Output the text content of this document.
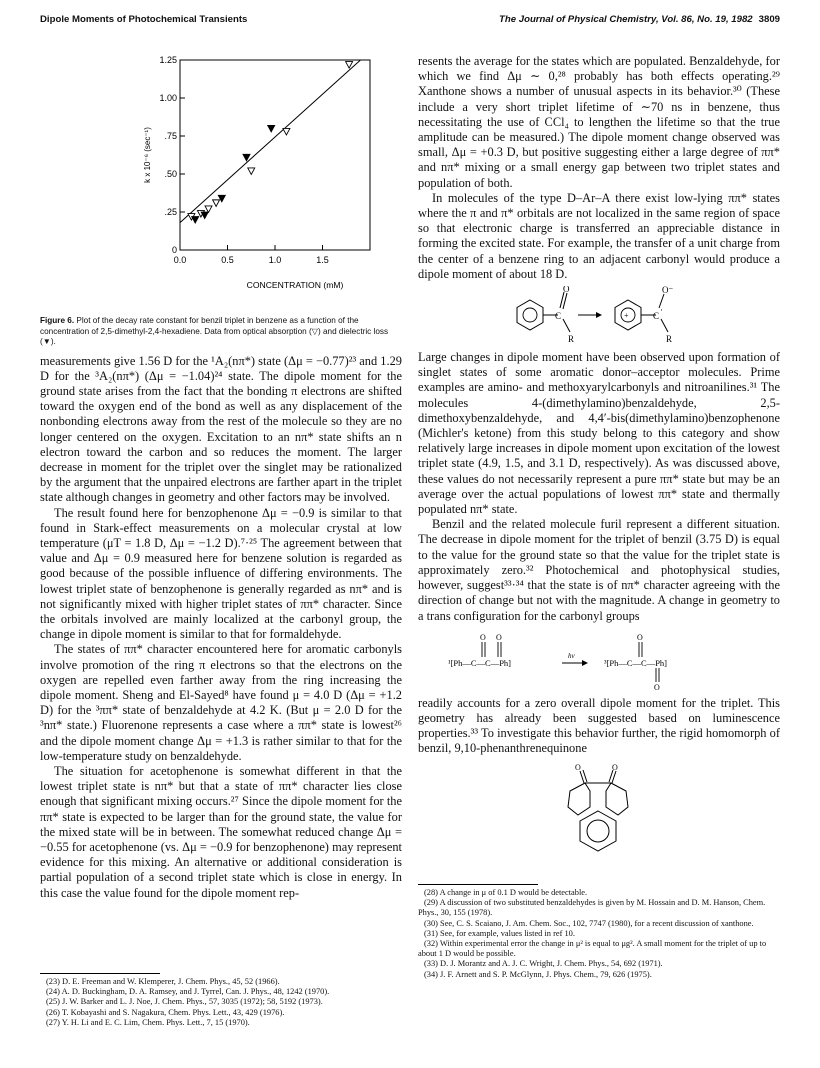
Dipole Moments of Photochemical Transients	The Journal of Physical Chemistry, Vol. 86, No. 19, 1982 3809
0.0	0.5	1.0	1.5
0
.25
.50
.75
1.00
1.25
CONCENTRATION (mM)
k x 10⁻⁶ (sec⁻¹)
Figure 6. Plot of the decay rate constant for benzil triplet in benzene as a function of the concentration of 2,5-dimethyl-2,4-hexadiene. Data from optical absorption (▽) and dielectric loss (▼).

measurements give 1.56 D for the ¹A₂(nπ*) state (Δμ = −0.77)²³ and 1.29 D for the ³A₂(nπ*) (Δμ = −1.04)²⁴ state. The dipole moment for the ground state arises from the fact that the bonding π electrons are shifted toward the oxygen end of the bond as well as any displacement of the nonbonding electrons away from the rest of the molecule so they are no longer centered on the oxygen. Excitation to an nπ* state shifts an n electron toward the carbon and so reduces the moment. The larger decrease in moment for the triplet over the singlet may be rationalized by the argument that the unpaired electrons are farther apart in the triplet state although changes in geometry and other factors may be involved.

The result found here for benzophenone Δμ = −0.9 is similar to that found in Stark-effect measurements on a molecular crystal at low temperature (μT = 1.8 D, Δμ = −1.2 D).⁷·²⁵ The agreement between that value and Δμ = 0.9 measured here for benzene solution is regarded as good because of the possible influence of differing environments. The lowest triplet state of benzophenone is generally regarded as nπ* and is not significantly mixed with higher triplet states of ππ* character. Since the orbitals involved are mainly localized at the carbonyl group, the change in dipole moment is similar to that for formaldehyde.

The states of ππ* character encountered here for aromatic carbonyls involve promotion of the ring π electrons so that the electrons on the oxygen are repelled even farther away from the ring increasing the dipole moment. Sheng and El-Sayed⁸ have found μ = 4.0 D (Δμ = +1.2 D) for the ³ππ* state of benzaldehyde at 4.2 K. (But μ = 2.0 D for the ³nπ* state.) Fluorenone represents a case where a ππ* state is lowest²⁶ and the dipole moment change Δμ = +1.3 is rather similar to that for the low-temperature study on benzaldehyde.

The situation for acetophenone is somewhat different in that the lowest triplet state is nπ* but that a state of ππ* character lies close enough that significant mixing occurs.²⁷ Since the dipole moment for the ππ* state is expected to be larger than for the ground state, the value for the mixed state will be in between. The somewhat reduced change Δμ = −0.55 for acetophenone (vs. Δμ = −0.9 for benzophenone) may represent evidence for this mixing. An alternative or additional consideration is partial population of a second triplet state which is close in energy. In this case the value found for the dipole moment rep-

resents the average for the states which are populated. Benzaldehyde, for which we find Δμ ∼ 0,²⁸ probably has both effects operating.²⁹ Xanthone shows a number of unusual aspects in its behavior.³⁰ (These include a very short triplet lifetime of ∼70 ns in benzene, thus necessitating the use of CCl₄ to lengthen the lifetime so that the true amplitude can be measured.) The dipole moment change observed was small, Δμ = +0.3 D, but positive suggesting either a large degree of ππ* and nπ* mixing or a small energy gap between two triplet states and population of both.

In molecules of the type D–Ar–A there exist low-lying ππ* states where the π and π* orbitals are not localized in the same region of space so that electronic charge is transferred an appreciable distance in forming the excited state. For example, the transfer of a unit charge from the center of a benzene ring to an adjacent carbonyl would produce a dipole moment of about 18 D.

C
O
R
+	C
·
O⁻
R

Large changes in dipole moment have been observed upon formation of singlet states of some aromatic donor–acceptor molecules. Prime examples are amino- and methoxyarylcarbonyls and nitroanilines.³¹ The molecules 4-(dimethylamino)benzaldehyde, 2,5-dimethoxybenzaldehyde, and 4,4′-bis(dimethylamino)benzophenone (Michler's ketone) from this study belong to this category and show relatively large increases in dipole moment upon excitation of the lowest triplet state (4.9, 1.5, and 3.1 D, respectively). As was discussed above, these values do not necessarily represent a pure ππ* state but may be an average over the actual populations of lowest ππ* state and thermally populated nπ* state.

Benzil and the related molecule furil represent a different situation. The decrease in dipole moment for the triplet of benzil (3.75 D) is equal to the value for the ground state so that the value for the triplet state is approximately zero.³² Photochemical and photophysical studies, however, suggest³³·³⁴ that the state is of nπ* character agreeing with the direction of change but not with the magnitude. A change in geometry to a trans configuration for the carbonyl groups

¹[Ph—C—C—Ph]
O O
hν
³[Ph—C—C—Ph]
O
O

readily accounts for a zero overall dipole moment for the triplet. This geometry has already been suggested based on luminescence properties.³³ To investigate this behavior further, the rigid homomorph of benzil, 9,10-phenanthrenequinone

O	O

(23) D. E. Freeman and W. Klemperer, J. Chem. Phys., 45, 52 (1966).

(24) A. D. Buckingham, D. A. Ramsey, and J. Tyrrel, Can. J. Phys., 48, 1242 (1970).

(25) J. W. Barker and L. J. Noe, J. Chem. Phys., 57, 3035 (1972); 58, 5192 (1973).

(26) T. Kobayashi and S. Nagakura, Chem. Phys. Lett., 43, 429 (1976).

(27) Y. H. Li and E. C. Lim, Chem. Phys. Lett., 7, 15 (1970).

(28) A change in μ of 0.1 D would be detectable.

(29) A discussion of two substituted benzaldehydes is given by M. Hossain and D. M. Hanson, Chem. Phys., 30, 155 (1978).

(30) See, C. S. Scaiano, J. Am. Chem. Soc., 102, 7747 (1980), for a recent discussion of xanthone.

(31) See, for example, values listed in ref 10.

(32) Within experimental error the change in μ² is equal to μg². A small moment for the triplet of up to about 1 D would be possible.

(33) D. J. Morantz and A. J. C. Wright, J. Chem. Phys., 54, 692 (1971).

(34) J. F. Arnett and S. P. McGlynn, J. Phys. Chem., 79, 626 (1975).
